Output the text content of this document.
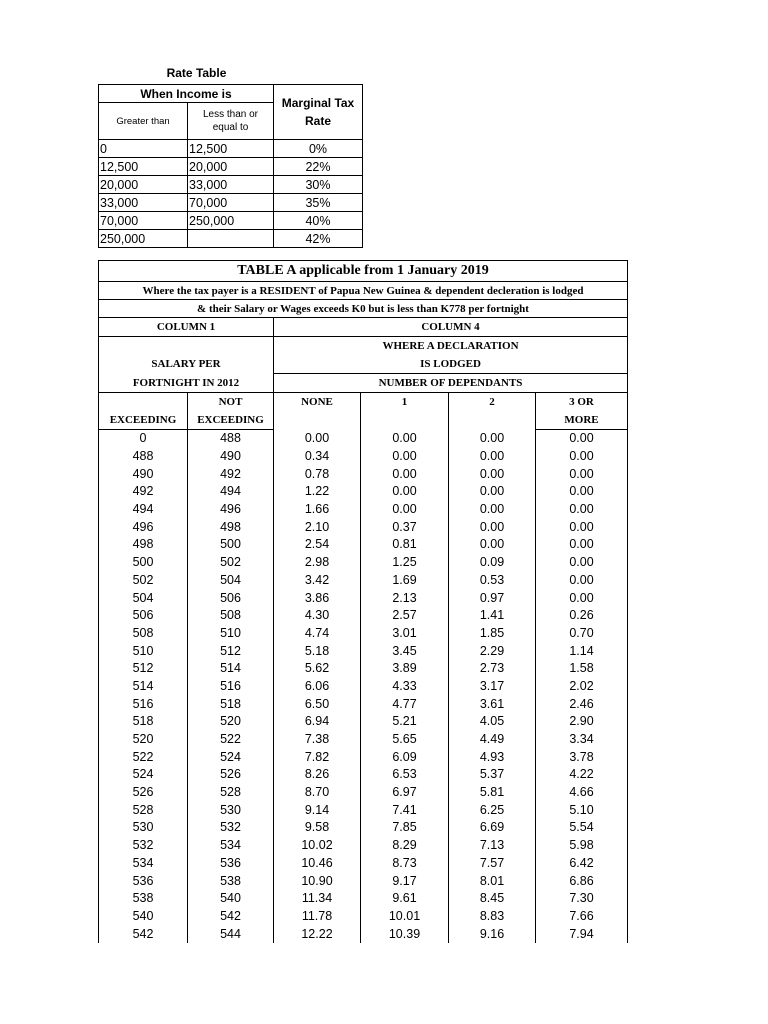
Rate Table
When Income is		Marginal Tax Rate

Greater than	Less than or equal to	

0	12,500	0%
12,500	20,000	22%
20,000	33,000	30%
33,000	70,000	35%
70,000	250,000	40%
250,000		42%
TABLE A applicable from 1 January 2019					
Where the tax payer is a RESIDENT of Papua New Guinea & dependent decleration is lodged					
& their Salary or Wages exceeds K0 but is less than K778 per fortnight					
COLUMN 1		COLUMN 4			
		WHERE A DECLARATION			
SALARY PER		IS LODGED			
FORTNIGHT IN 2012		NUMBER OF DEPENDANTS			
	NOT	NONE	1	2	3 OR
EXCEEDING	EXCEEDING				MORE
0	488	0.00	0.00	0.00	0.00
488	490	0.34	0.00	0.00	0.00
490	492	0.78	0.00	0.00	0.00
492	494	1.22	0.00	0.00	0.00
494	496	1.66	0.00	0.00	0.00
496	498	2.10	0.37	0.00	0.00
498	500	2.54	0.81	0.00	0.00
500	502	2.98	1.25	0.09	0.00
502	504	3.42	1.69	0.53	0.00
504	506	3.86	2.13	0.97	0.00
506	508	4.30	2.57	1.41	0.26
508	510	4.74	3.01	1.85	0.70
510	512	5.18	3.45	2.29	1.14
512	514	5.62	3.89	2.73	1.58
514	516	6.06	4.33	3.17	2.02
516	518	6.50	4.77	3.61	2.46
518	520	6.94	5.21	4.05	2.90
520	522	7.38	5.65	4.49	3.34
522	524	7.82	6.09	4.93	3.78
524	526	8.26	6.53	5.37	4.22
526	528	8.70	6.97	5.81	4.66
528	530	9.14	7.41	6.25	5.10
530	532	9.58	7.85	6.69	5.54
532	534	10.02	8.29	7.13	5.98
534	536	10.46	8.73	7.57	6.42
536	538	10.90	9.17	8.01	6.86
538	540	11.34	9.61	8.45	7.30
540	542	11.78	10.01	8.83	7.66
542	544	12.22	10.39	9.16	7.94
